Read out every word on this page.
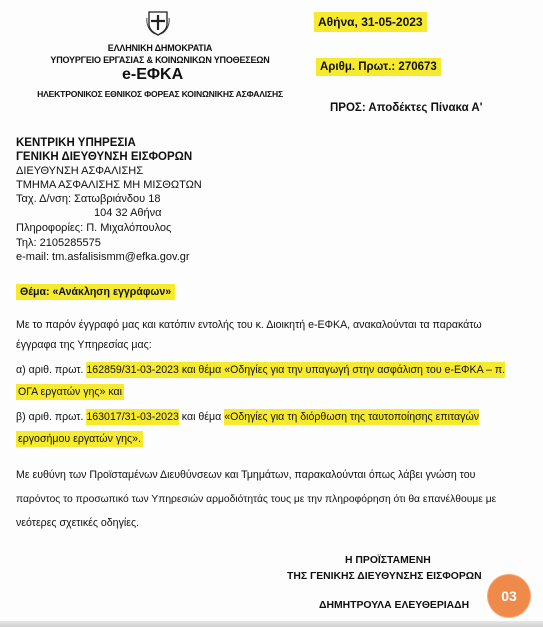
ΕΛΛΗΝΙΚΗ ΔΗΜΟΚΡΑΤΙΑ
ΥΠΟΥΡΓΕΙΟ ΕΡΓΑΣΙΑΣ & ΚΟΙΝΩΝΙΚΩΝ ΥΠΟΘΕΣΕΩΝ
e-ΕΦΚΑ
ΗΛΕΚΤΡΟΝΙΚΟΣ ΕΘΝΙΚΟΣ ΦΟΡΕΑΣ ΚΟΙΝΩΝΙΚΗΣ ΑΣΦΑΛΙΣΗΣ
Αθήνα, 31-05-2023
Αριθμ. Πρωτ.: 270673
ΠΡΟΣ: Αποδέκτες Πίνακα Α'
ΚΕΝΤΡΙΚΗ ΥΠΗΡΕΣΙΑ
ΓΕΝΙΚΗ ΔΙΕΥΘΥΝΣΗ ΕΙΣΦΟΡΩΝ
ΔΙΕΥΘΥΝΣΗ ΑΣΦΑΛΙΣΗΣ
ΤΜΗΜΑ ΑΣΦΑΛΙΣΗΣ ΜΗ ΜΙΣΘΩΤΩΝ
Ταχ. Δ/νση: Σατωβριάνδου 18
104 32 Αθήνα
Πληροφορίες: Π. Μιχαλόπουλος
Τηλ: 2105285575
e-mail: tm.asfalisismm@efka.gov.gr
Θέμα: «Ανάκληση εγγράφων»
Με το παρόν έγγραφό μας και κατόπιν εντολής του κ. Διοικητή e-ΕΦΚΑ, ανακαλούνται τα παρακάτω
έγγραφα της Υπηρεσίας μας:
α) αριθ. πρωτ. 162859/31-03-2023 και θέμα «Οδηγίες για την υπαγωγή στην ασφάλιση του e-ΕΦΚΑ – π.
ΟΓΑ εργατών γης» και
β) αριθ. πρωτ. 163017/31-03-2023 και θέμα «Οδηγίες για τη διόρθωση της ταυτοποίησης επιταγών
εργοσήμου εργατών γης».
Με ευθύνη των Προϊσταμένων Διευθύνσεων και Τμημάτων, παρακαλούνται όπως λάβει γνώση του
παρόντος το προσωπικό των Υπηρεσιών αρμοδιότητάς τους με την πληροφόρηση ότι θα επανέλθουμε με
νεότερες σχετικές οδηγίες.
Η ΠΡΟΪΣΤΑΜΕΝΗ
ΤΗΣ ΓΕΝΙΚΗΣ ΔΙΕΥΘΥΝΣΗΣ ΕΙΣΦΟΡΩΝ
ΔΗΜΗΤΡΟΥΛΑ ΕΛΕΥΘΕΡΙΑΔΗ
03
